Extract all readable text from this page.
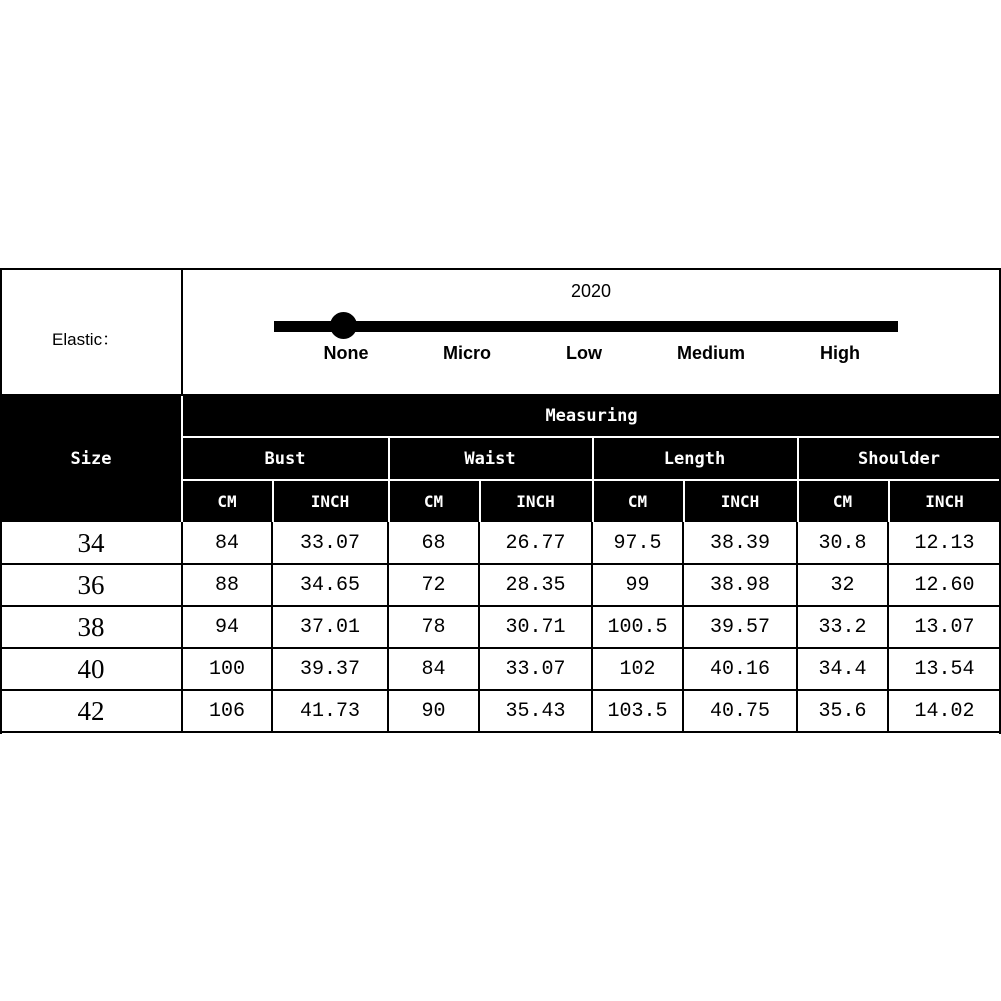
Elastic：
2020
None	Micro	Low	Medium	High
Size
Measuring
Bust
CM	INCH
Waist
CM	INCH
Length
CM	INCH
Shoulder
CM	INCH
34	84	33.07	68	26.77	97.5	38.39	30.8	12.13
36	88	34.65	72	28.35	99	38.98	32	12.60
38	94	37.01	78	30.71	100.5	39.57	33.2	13.07
40	100	39.37	84	33.07	102	40.16	34.4	13.54
42	106	41.73	90	35.43	103.5	40.75	35.6	14.02
